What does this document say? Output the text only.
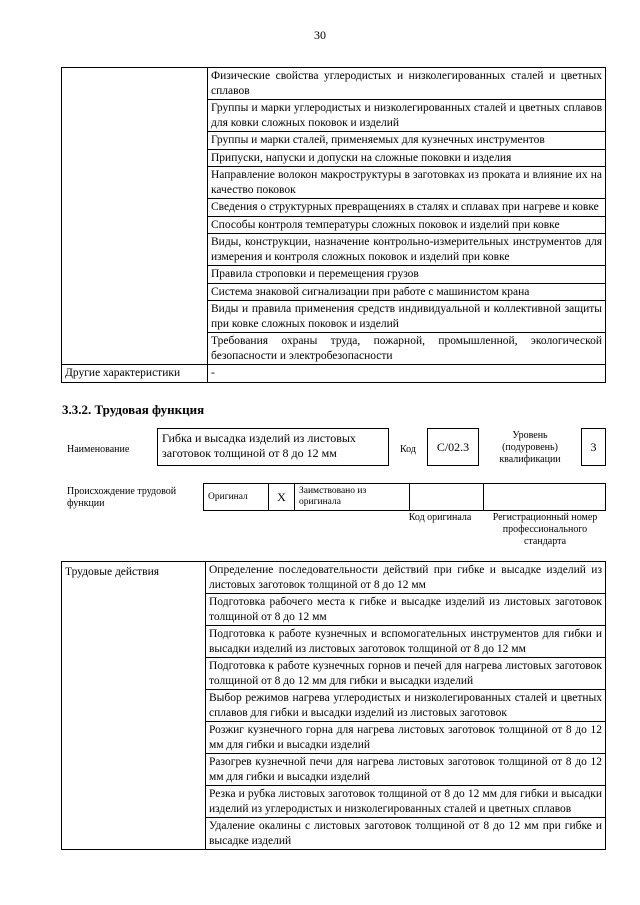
30
	Физические свойства углеродистых и низколегированных сталей и цветных сплавов
	Группы и марки углеродистых и низколегированных сталей и цветных сплавов для ковки сложных поковок и изделий
	Группы и марки сталей, применяемых для кузнечных инструментов
	Припуски, напуски и допуски на сложные поковки и изделия
	Направление волокон макроструктуры в заготовках из проката и влияние их на качество поковок
	Сведения о структурных превращениях в сталях и сплавах при нагреве и ковке
	Способы контроля температуры сложных поковок и изделий при ковке
	Виды, конструкции, назначение контрольно-измерительных инструментов для измерения и контроля сложных поковок и изделий при ковке
	Правила строповки и перемещения грузов
	Система знаковой сигнализации при работе с машинистом крана
	Виды и правила применения средств индивидуальной и коллективной защиты при ковке сложных поковок и изделий
	Требования охраны труда, пожарной, промышленной, экологической безопасности и электробезопасности
Другие характеристики	-
3.3.2. Трудовая функция
Наименование
Гибка и высадка изделий из листовых заготовок толщиной от 8 до 12 мм	Код	C/02.3
Уровень (подуровень) квалификации
3
Происхождение трудовой функции
Оригинал	X	Заимствовано из оригинала
Код оригинала	Регистрационный номер профессионального стандарта
Трудовые действия	Определение последовательности действий при гибке и высадке изделий из листовых заготовок толщиной от 8 до 12 мм
Подготовка рабочего места к гибке и высадке изделий из листовых заготовок толщиной от 8 до 12 мм
Подготовка к работе кузнечных и вспомогательных инструментов для гибки и высадки изделий из листовых заготовок толщиной от 8 до 12 мм
Подготовка к работе кузнечных горнов и печей для нагрева листовых заготовок толщиной от 8 до 12 мм для гибки и высадки изделий
Выбор режимов нагрева углеродистых и низколегированных сталей и цветных сплавов для гибки и высадки изделий из листовых заготовок
Розжиг кузнечного горна для нагрева листовых заготовок толщиной от 8 до 12 мм для гибки и высадки изделий
Разогрев кузнечной печи для нагрева листовых заготовок толщиной от 8 до 12 мм для гибки и высадки изделий
Резка и рубка листовых заготовок толщиной от 8 до 12 мм для гибки и высадки изделий из углеродистых и низколегированных сталей и цветных сплавов
Удаление окалины с листовых заготовок толщиной от 8 до 12 мм при гибке и высадке изделий
